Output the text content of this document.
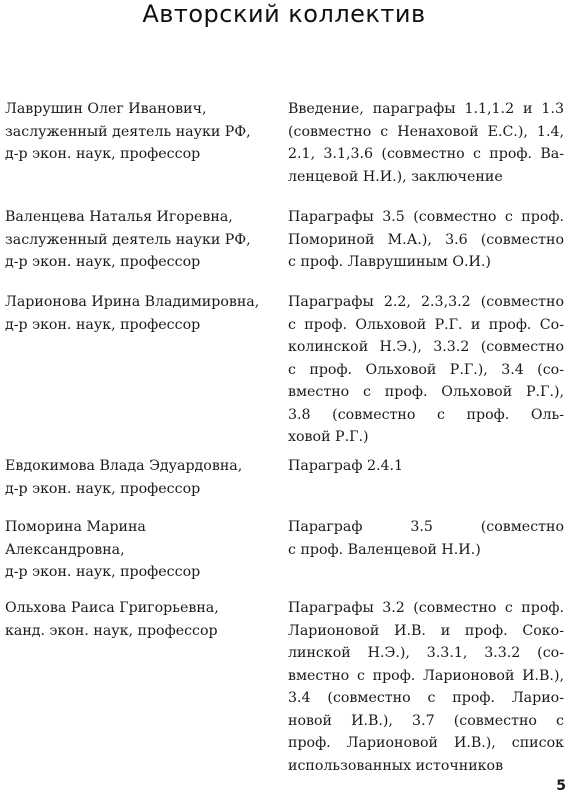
Авторский коллектив
Лаврушин Олег Иванович,
заслуженный деятель науки РФ,
д-р экон. наук, профессор
Введение, параграфы 1.1,1.2 и 1.3
(совместно с Ненаховой Е.С.), 1.4,
2.1, 3.1,3.6 (совместно с проф. Ва-
ленцевой Н.И.), заключение
Валенцева Наталья Игоревна,
заслуженный деятель науки РФ,
д-р экон. наук, профессор
Параграфы 3.5 (совместно с проф.
Помориной М.А.), 3.6 (совместно
с проф. Лаврушиным О.И.)
Ларионова Ирина Владимировна,
д-р экон. наук, профессор
Параграфы 2.2, 2.3,3.2 (совместно
с проф. Ольховой Р.Г. и проф. Со-
колинской Н.Э.), 3.3.2 (совместно
с проф. Ольховой Р.Г.), 3.4 (со-
вместно с проф. Ольховой Р.Г.),
3.8 (совместно с проф. Оль-
ховой Р.Г.)
Евдокимова Влада Эдуардовна,
д-р экон. наук, профессор
Параграф 2.4.1
Поморина Марина
Александровна,
д-р экон. наук, профессор
Параграф 3.5 (совместно
с проф. Валенцевой Н.И.)
Ольхова Раиса Григорьевна,
канд. экон. наук, профессор
Параграфы 3.2 (совместно с проф.
Ларионовой И.В. и проф. Соко-
линской Н.Э.), 3.3.1, 3.3.2 (со-
вместно с проф. Ларионовой И.В.),
3.4 (совместно с проф. Ларио-
новой И.В.), 3.7 (совместно с
проф. Ларионовой И.В.), список
использованных источников
5
